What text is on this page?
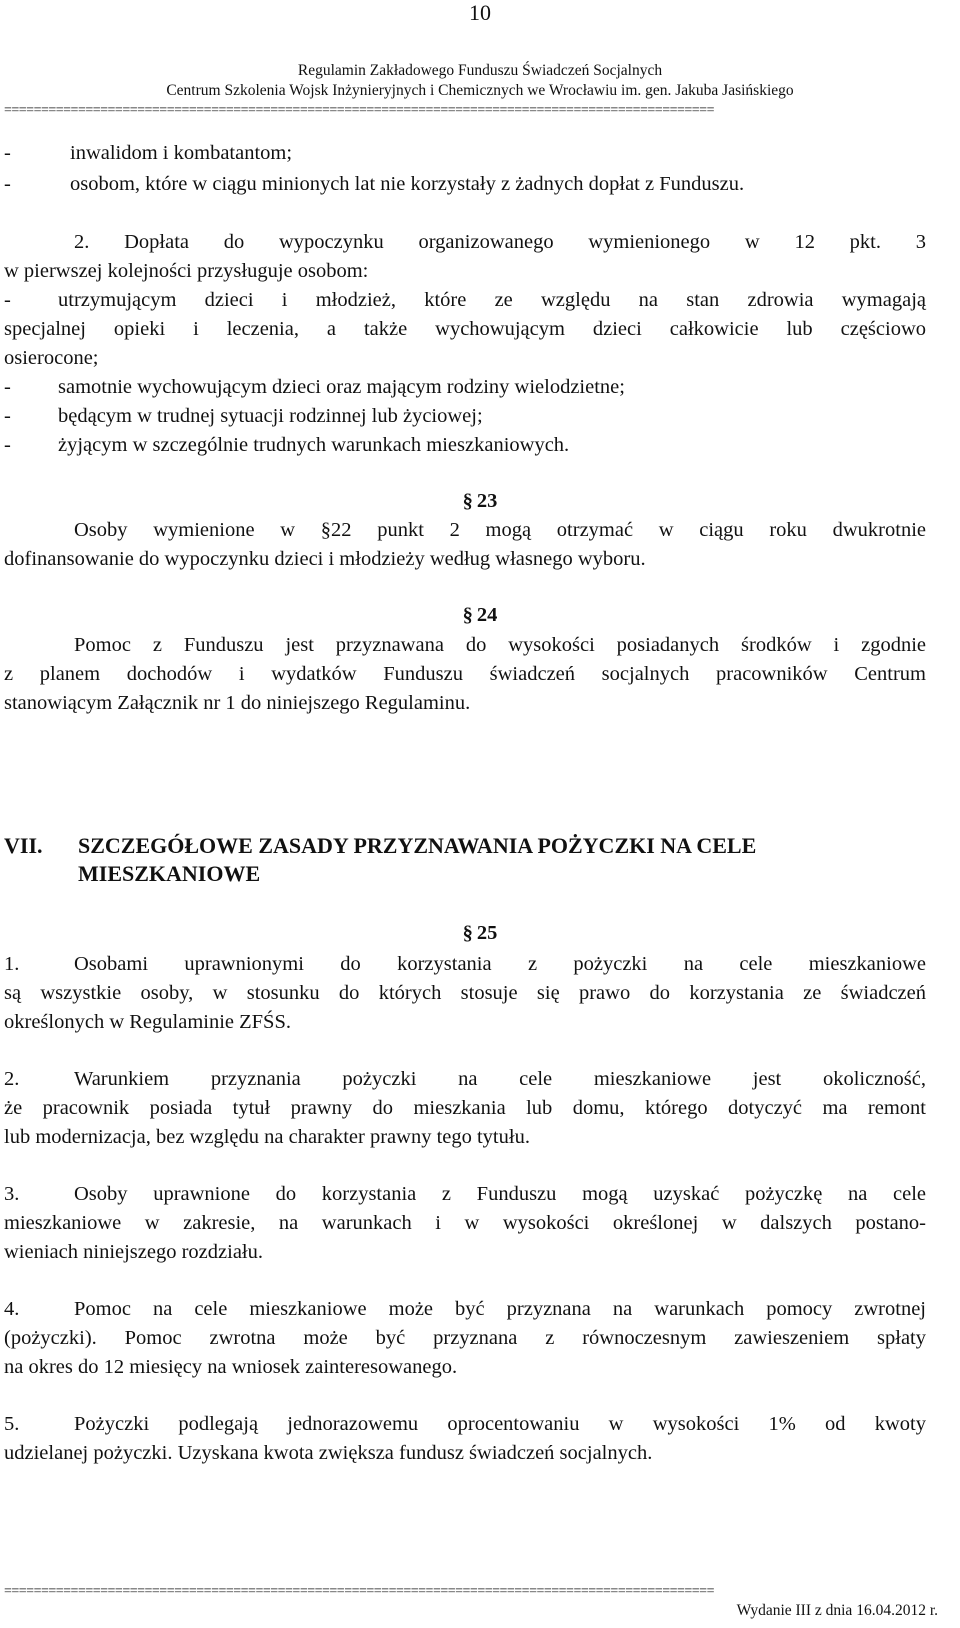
10
Regulamin Zakładowego Funduszu Świadczeń Socjalnych
Centrum Szkolenia Wojsk Inżynieryjnych i Chemicznych we Wrocławiu im. gen. Jakuba Jasińskiego
================================================================================================
-	inwalidom i kombatantom;
-	osobom, które w ciągu minionych lat nie korzystały z żadnych dopłat z Funduszu.
2. Dopłata do wypoczynku organizowanego wymienionego w 12 pkt. 3
w pierwszej kolejności przysługuje osobom:
- utrzymującym dzieci i młodzież, które ze względu na stan zdrowia wymagają
specjalnej opieki i leczenia, a także wychowującym dzieci całkowicie lub częściowo
osierocone;
- samotnie wychowującym dzieci oraz mającym rodziny wielodzietne;
- będącym w trudnej sytuacji rodzinnej lub życiowej;
- żyjącym w szczególnie trudnych warunkach mieszkaniowych.
§ 23
Osoby wymienione w §22 punkt 2 mogą otrzymać w ciągu roku dwukrotnie
dofinansowanie do wypoczynku dzieci i młodzieży według własnego wyboru.
§ 24
Pomoc z Funduszu jest przyznawana do wysokości posiadanych środków i zgodnie
z planem dochodów i wydatków Funduszu świadczeń socjalnych pracowników Centrum
stanowiącym Załącznik nr 1 do niniejszego Regulaminu.
VII. SZCZEGÓŁOWE ZASADY PRZYZNAWANIA POŻYCZKI NA CELE
MIESZKANIOWE
§ 25
1.	Osobami uprawnionymi do korzystania z pożyczki na cele mieszkaniowe
są wszystkie osoby, w stosunku do których stosuje się prawo do korzystania ze świadczeń
określonych w Regulaminie ZFŚS.
2.	Warunkiem przyznania pożyczki na cele mieszkaniowe jest okoliczność,
że pracownik posiada tytuł prawny do mieszkania lub domu, którego dotyczyć ma remont
lub modernizacja, bez względu na charakter prawny tego tytułu.
3.	Osoby uprawnione do korzystania z Funduszu mogą uzyskać pożyczkę na cele
mieszkaniowe w zakresie, na warunkach i w wysokości określonej w dalszych postano-
wieniach niniejszego rozdziału.
4.	Pomoc na cele mieszkaniowe może być przyznana na warunkach pomocy zwrotnej
(pożyczki). Pomoc zwrotna może być przyznana z równoczesnym zawieszeniem spłaty
na okres do 12 miesięcy na wniosek zainteresowanego.
5.	Pożyczki podlegają jednorazowemu oprocentowaniu w wysokości 1% od kwoty
udzielanej pożyczki. Uzyskana kwota zwiększa fundusz świadczeń socjalnych.
================================================================================================
Wydanie III z dnia 16.04.2012 r.
